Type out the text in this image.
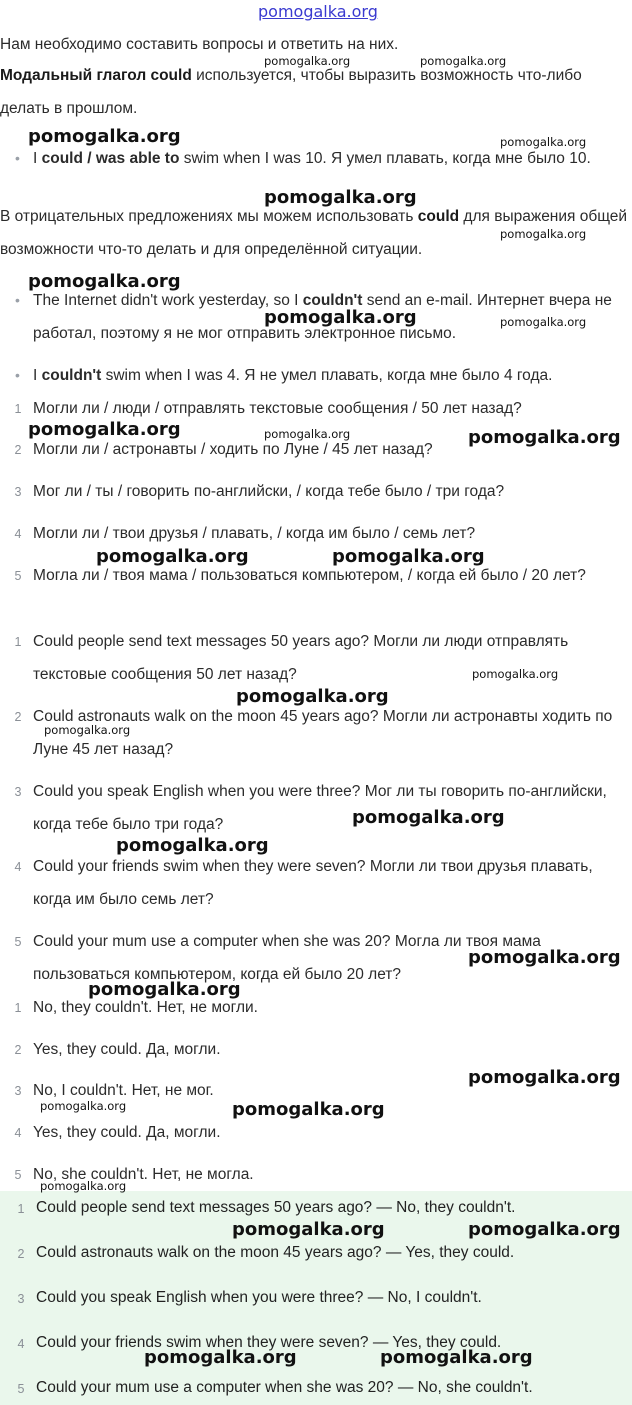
pomogalka.org
Нам необходимо составить вопросы и ответить на них.
Модальный глагол could используется, чтобы выразить возможность что-либо делать в прошлом.
• I could / was able to swim when I was 10. Я умел плавать, когда мне было 10.
В отрицательных предложениях мы можем использовать could для выражения общей возможности что-то делать и для определённой ситуации.
• The Internet didn't work yesterday, so I couldn't send an e-mail. Интернет вчера не работал, поэтому я не мог отправить электронное письмо.
• I couldn't swim when I was 4. Я не умел плавать, когда мне было 4 года.
1 Могли ли / люди / отправлять текстовые сообщения / 50 лет назад?
2 Могли ли / астронавты / ходить по Луне / 45 лет назад?
3 Мог ли / ты / говорить по-английски, / когда тебе было / три года?
4 Могли ли / твои друзья / плавать, / когда им было / семь лет?
5 Могла ли / твоя мама / пользоваться компьютером, / когда ей было / 20 лет?
1 Could people send text messages 50 years ago? Могли ли люди отправлять текстовые сообщения 50 лет назад?
2 Could astronauts walk on the moon 45 years ago? Могли ли астронавты ходить по Луне 45 лет назад?
3 Could you speak English when you were three? Мог ли ты говорить по-английски, когда тебе было три года?
4 Could your friends swim when they were seven? Могли ли твои друзья плавать, когда им было семь лет?
5 Could your mum use a computer when she was 20? Могла ли твоя мама пользоваться компьютером, когда ей было 20 лет?
1 No, they couldn't. Нет, не могли.
2 Yes, they could. Да, могли.
3 No, I couldn't. Нет, не мог.
4 Yes, they could. Да, могли.
5 No, she couldn't. Нет, не могла.
1 Could people send text messages 50 years ago? — No, they couldn't.
2 Could astronauts walk on the moon 45 years ago? — Yes, they could.
3 Could you speak English when you were three? — No, I couldn't.
4 Could your friends swim when they were seven? — Yes, they could.
5 Could your mum use a computer when she was 20? — No, she couldn't.
pomogalka.org	pomogalka.org
pomogalka.org	pomogalka.org
pomogalka.org
pomogalka.org
pomogalka.org
pomogalka.org	pomogalka.org
pomogalka.org	pomogalka.org	pomogalka.org
pomogalka.org	pomogalka.org
pomogalka.org
pomogalka.org
pomogalka.org
pomogalka.org
pomogalka.org
pomogalka.org
pomogalka.org
pomogalka.org
pomogalka.org	pomogalka.org
pomogalka.org
pomogalka.org	pomogalka.org
pomogalka.org	pomogalka.org
